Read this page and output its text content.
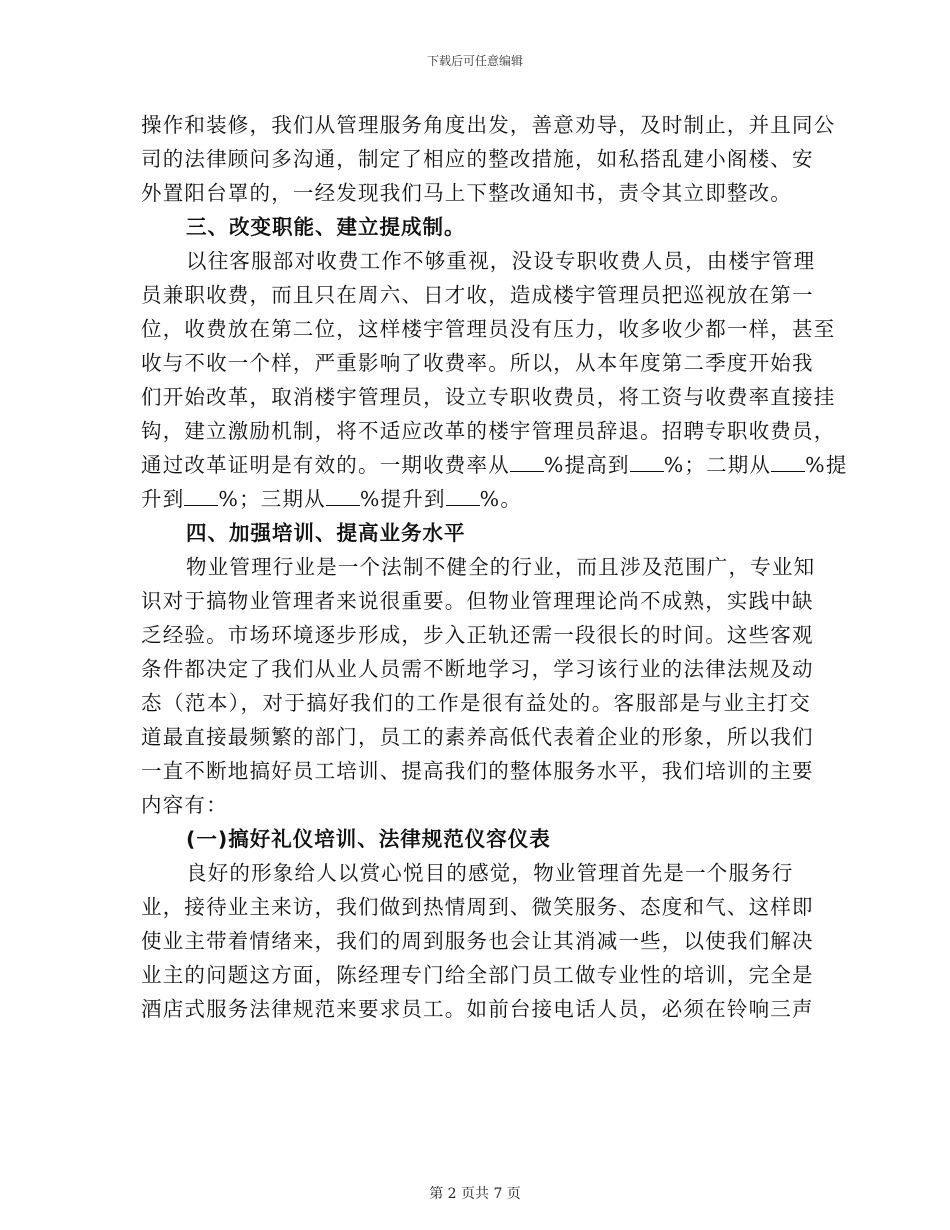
下载后可任意编辑
操作和装修，我们从管理服务角度出发，善意劝导，及时制止，并且同公
司的法律顾问多沟通，制定了相应的整改措施，如私搭乱建小阁楼、安
外置阳台罩的，一经发现我们马上下整改通知书，责令其立即整改。
三、改变职能、建立提成制。
以往客服部对收费工作不够重视，没设专职收费人员，由楼宇管理
员兼职收费，而且只在周六、日才收，造成楼宇管理员把巡视放在第一
位，收费放在第二位，这样楼宇管理员没有压力，收多收少都一样，甚至
收与不收一个样，严重影响了收费率。所以，从本年度第二季度开始我
们开始改革，取消楼宇管理员，设立专职收费员，将工资与收费率直接挂
钩，建立激励机制，将不适应改革的楼宇管理员辞退。招聘专职收费员，
通过改革证明是有效的。一期收费率从 %提高到 %；二期从 %提
升到 %；三期从 %提升到 %。
四、加强培训、提高业务水平
物业管理行业是一个法制不健全的行业，而且涉及范围广，专业知
识对于搞物业管理者来说很重要。但物业管理理论尚不成熟，实践中缺
乏经验。市场环境逐步形成，步入正轨还需一段很长的时间。这些客观
条件都决定了我们从业人员需不断地学习，学习该行业的法律法规及动
态（范本），对于搞好我们的工作是很有益处的。客服部是与业主打交
道最直接最频繁的部门，员工的素养高低代表着企业的形象，所以我们
一直不断地搞好员工培训、提高我们的整体服务水平，我们培训的主要
内容有：
(一)搞好礼仪培训、法律规范仪容仪表
良好的形象给人以赏心悦目的感觉，物业管理首先是一个服务行
业，接待业主来访，我们做到热情周到、微笑服务、态度和气、这样即
使业主带着情绪来，我们的周到服务也会让其消减一些，以使我们解决
业主的问题这方面，陈经理专门给全部门员工做专业性的培训，完全是
酒店式服务法律规范来要求员工。如前台接电话人员，必须在铃响三声
第 2 页共 7 页
